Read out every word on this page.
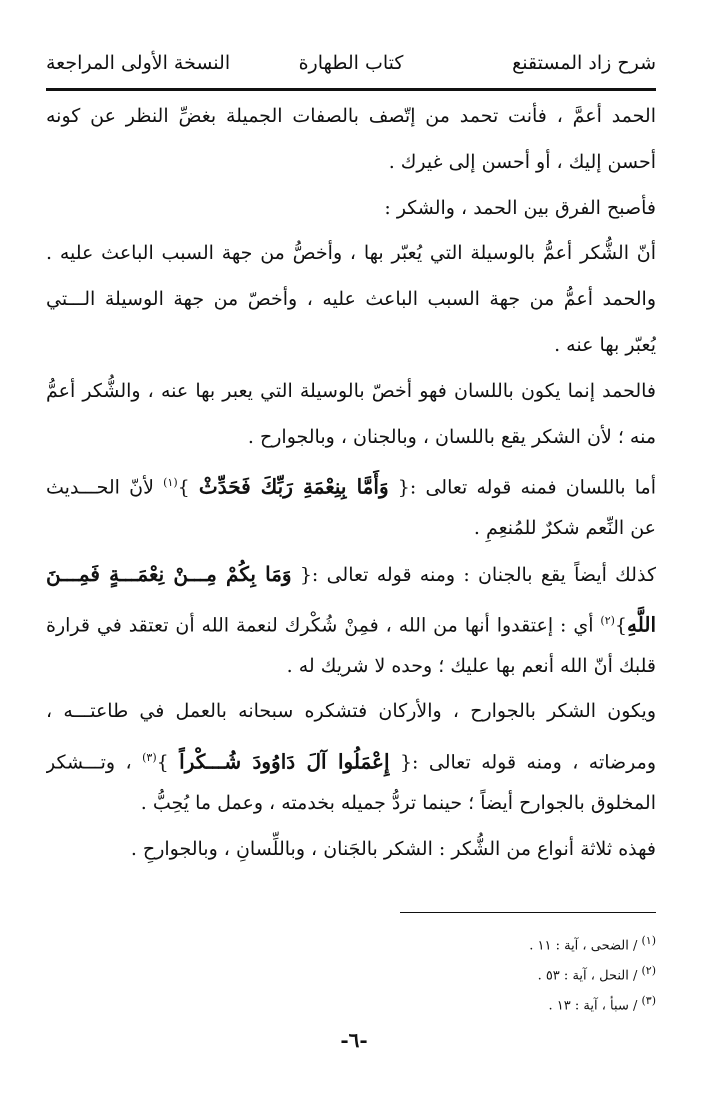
شرح زاد المستقنع
كتاب الطهارة
النسخة الأولى المراجعة
الحمد أعمَّ ، فأنت تحمد من إتّصف بالصفات الجميلة بغضِّ النظر عن كونه
أحسن إليك ، أو أحسن إلى غيرك .
فأصبح الفرق بين الحمد ، والشكر :
أنّ الشُّكر أعمُّ بالوسيلة التي يُعبّر بها ، وأخصُّ من جهة السبب الباعث عليه .
والحمد أعمُّ من جهة السبب الباعث عليه ، وأخصّ من جهة الوسيلة الـــتي
يُعبّر بها عنه .
فالحمد إنما يكون باللسان فهو أخصّ بالوسيلة التي يعبر بها عنه ، والشُّكر أعمُّ
منه ؛ لأن الشكر يقع باللسان ، وبالجنان ، وبالجوارح .
أما باللسان فمنه قوله تعالى :{ وَأَمَّا بِنِعْمَةِ رَبِّكَ فَحَدِّثْ }$^{(١)}$ لأنّ الحـــديث
عن النِّعم شكرٌ للمُنعِمِ .
كذلك أيضاً يقع بالجنان : ومنه قوله تعالى :{ وَمَا بِكُمْ مِـــنْ نِعْمَـــةٍ فَمِـــنَ
اللَّهِ}$^{(٢)}$ أي : إعتقدوا أنها من الله ، فمِنْ شُكْرك لنعمة الله أن تعتقد في قرارة
قلبك أنّ الله أنعم بها عليك ؛ وحده لا شريك له .
ويكون الشكر بالجوارح ، والأركان فتشكره سبحانه بالعمل في طاعتـــه ،
ومرضاته ، ومنه قوله تعالى :{ إِعْمَلُوا آلَ دَاوُودَ شُـــكْراً }$^{(٣)}$ ، وتـــشكر
المخلوق بالجوارح أيضاً ؛ حينما تردُّ جميله بخدمته ، وعمل ما يُحِبُّ .
فهذه ثلاثة أنواع من الشُّكر : الشكر بالجَنان ، وباللِّسانِ ، وبالجوارحِ .
$^{(١)}$ / الضحى ، آية : ١١ .
$^{(٢)}$ / النحل ، آية : ٥٣ .
$^{(٣)}$ / سبأ ، آية : ١٣ .
-٦-
